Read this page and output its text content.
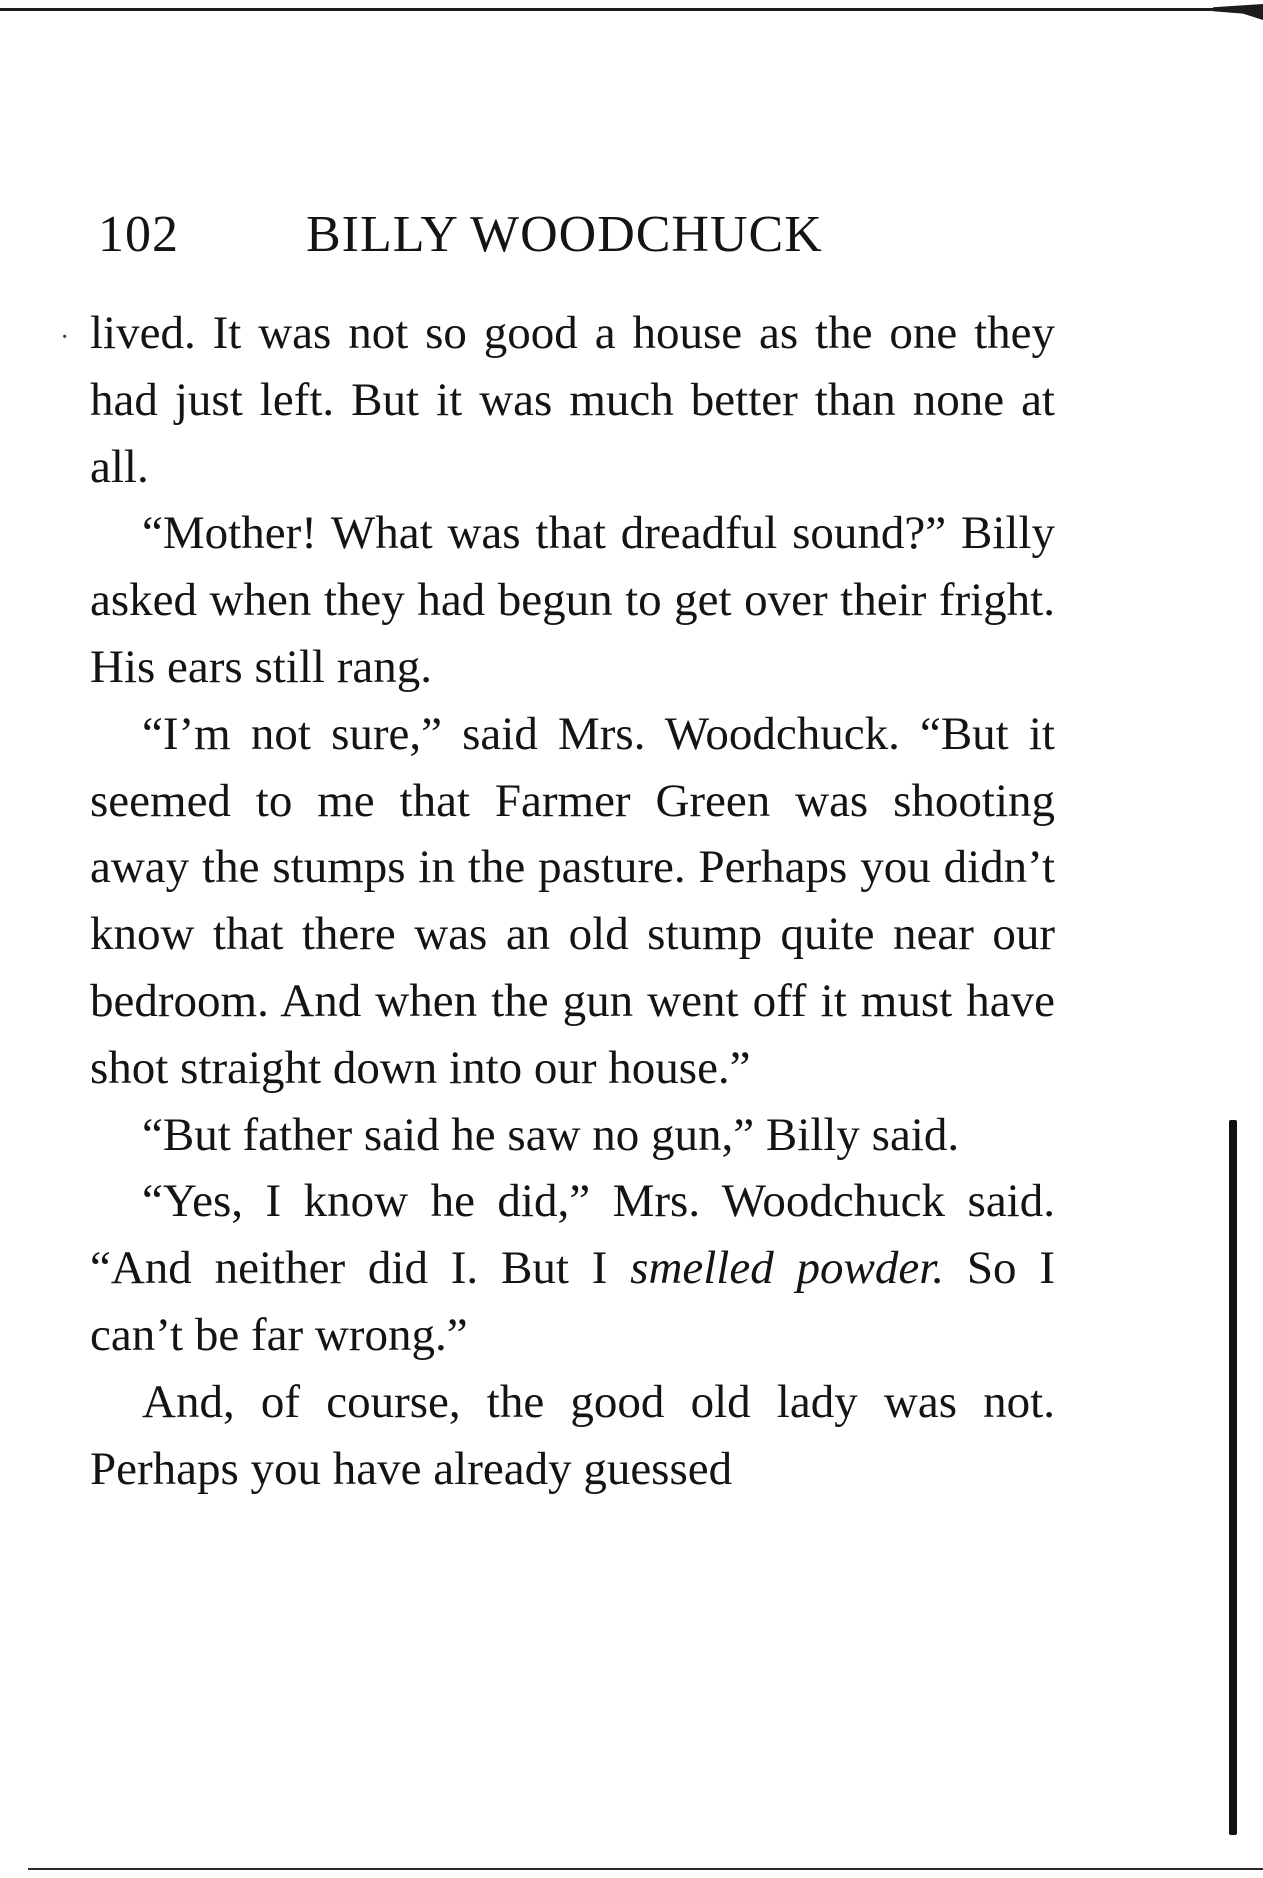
102 BILLY WOODCHUCK
· lived. It was not so good a house as the one they had just left. But it was much better than none at all.

“Mother! What was that dreadful sound?” Billy asked when they had begun to get over their fright. His ears still rang.

“I’m not sure,” said Mrs. Woodchuck. “But it seemed to me that Farmer Green was shooting away the stumps in the pasture. Perhaps you didn’t know that there was an old stump quite near our bedroom. And when the gun went off it must have shot straight down into our house.”

“But father said he saw no gun,” Billy said.

“Yes, I know he did,” Mrs. Woodchuck said. “And neither did I. But I smelled powder. So I can’t be far wrong.”

And, of course, the good old lady was not. Perhaps you have already guessed
